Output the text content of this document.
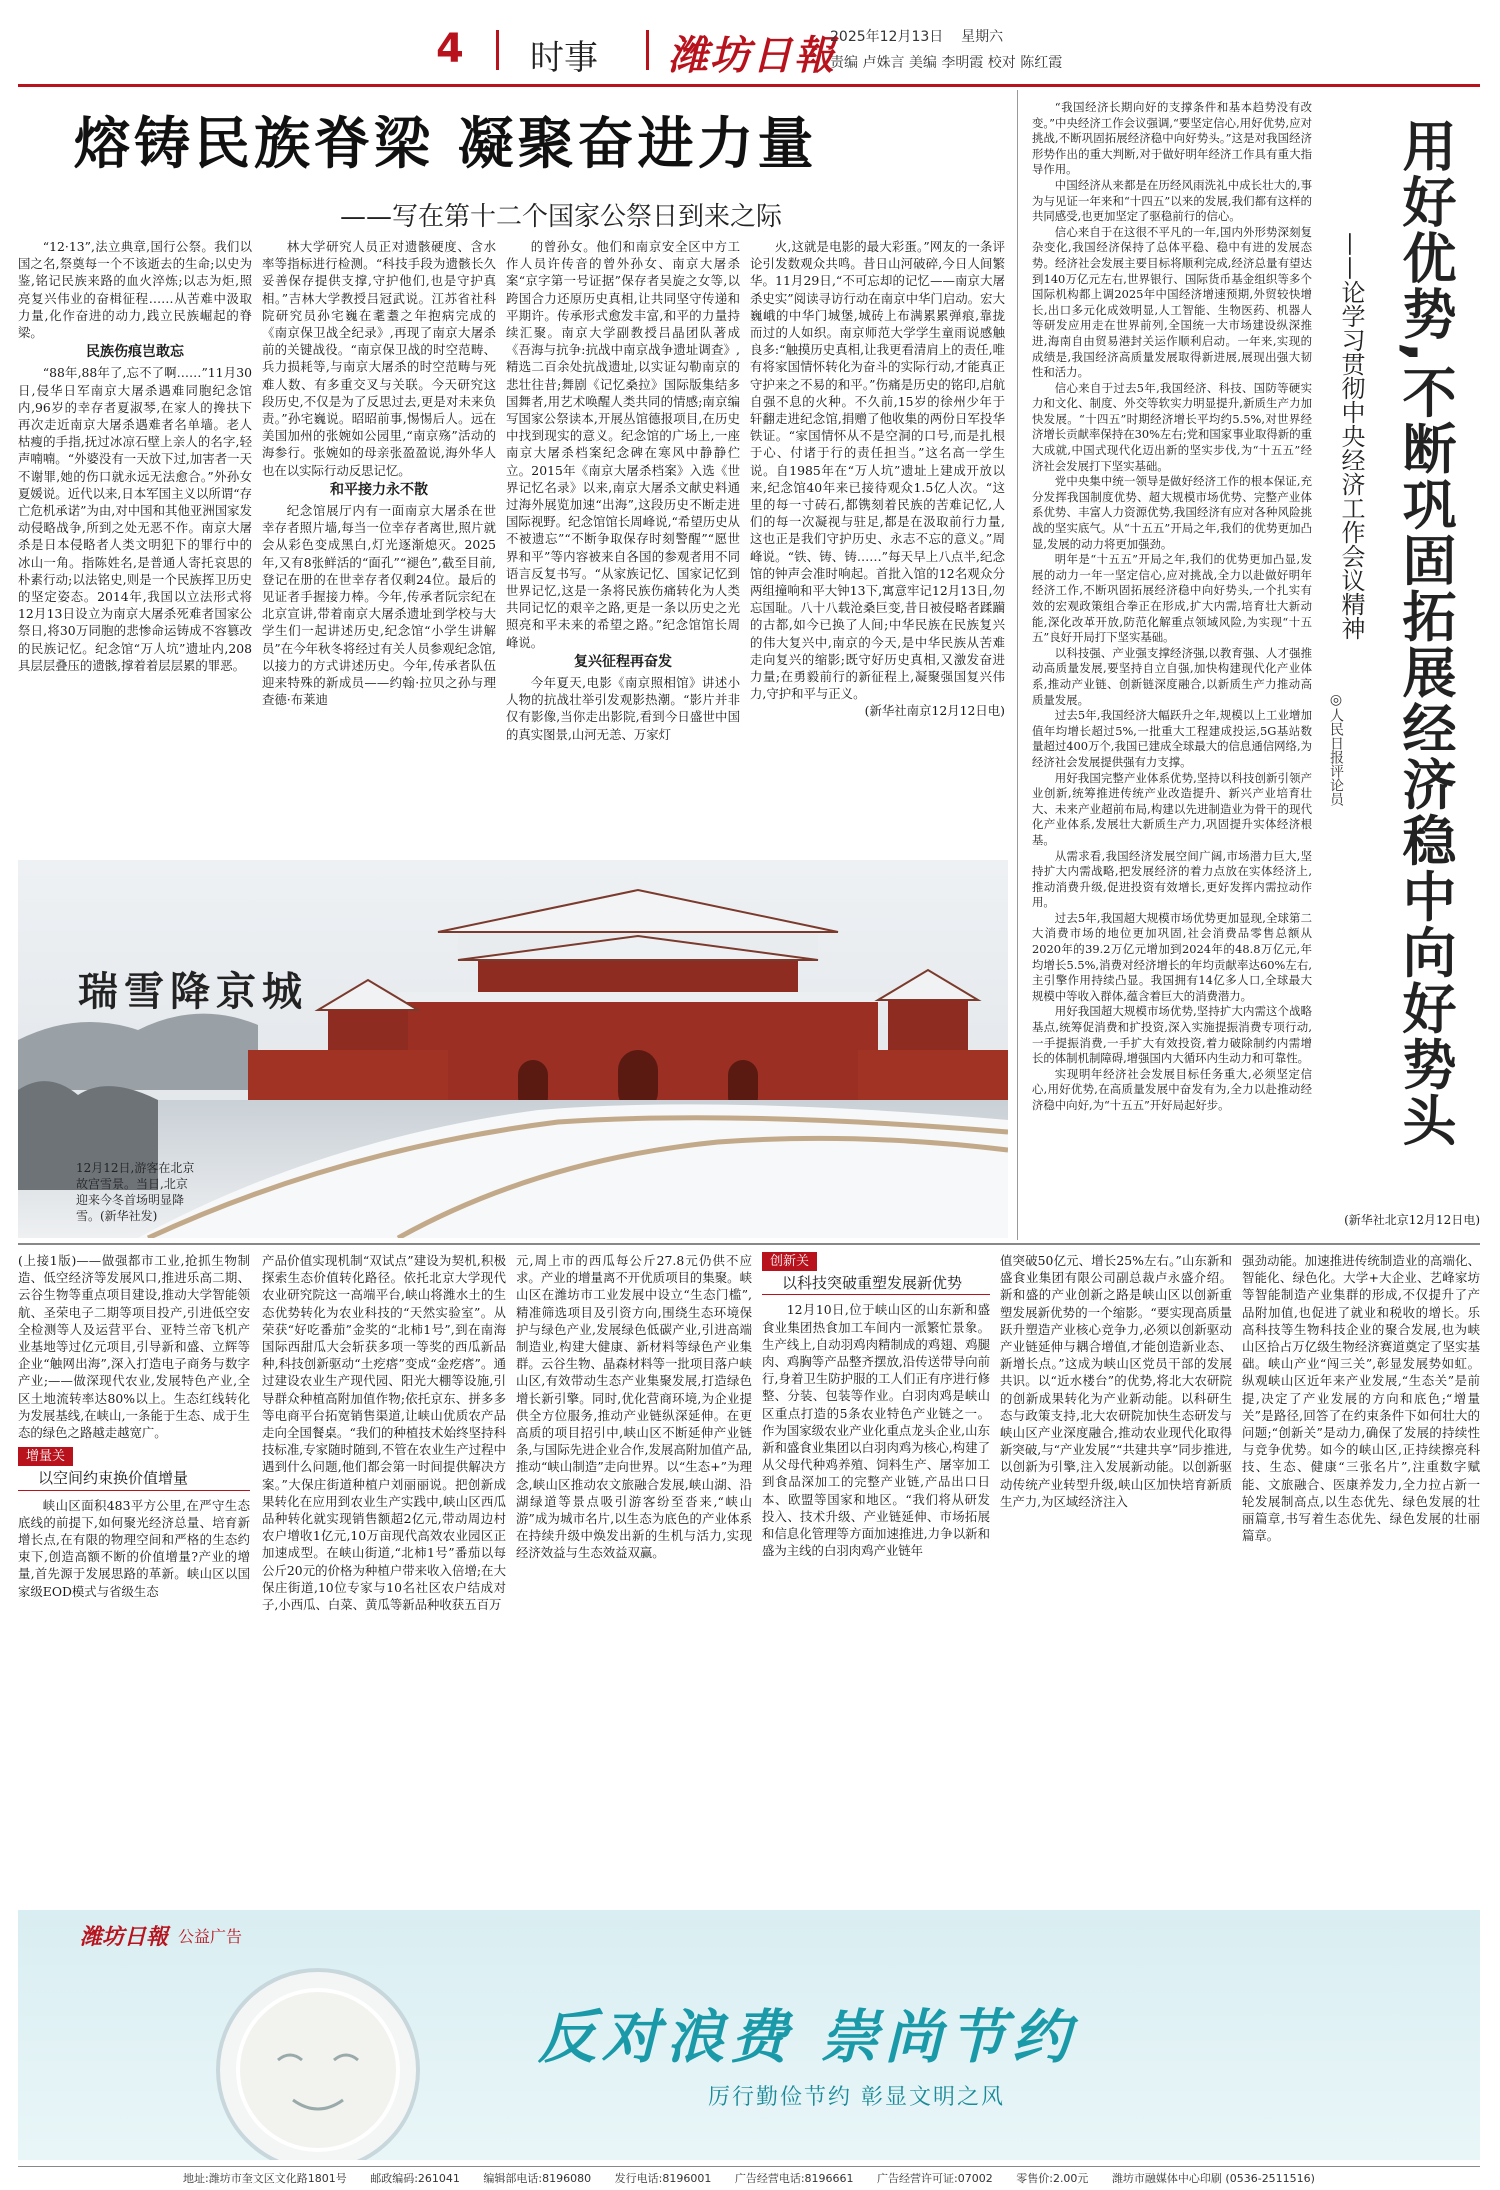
4 时事 潍坊日報
2025年12月13日 星期六
责编 卢姝言 美编 李明霞 校对 陈红霞
熔铸民族脊梁 凝聚奋进力量
——写在第十二个国家公祭日到来之际

“12·13”,法立典章,国行公祭。我们以国之名,祭奠每一个不该逝去的生命;以史为鉴,铭记民族来路的血火淬炼;以志为炬,照亮复兴伟业的奋楫征程……从苦难中汲取力量,化作奋进的动力,践立民族崛起的脊梁。

民族伤痕岂敢忘

“88年,88年了,忘不了啊……”11月30日,侵华日军南京大屠杀遇难同胞纪念馆内,96岁的幸存者夏淑琴,在家人的搀扶下再次走近南京大屠杀遇难者名单墙。老人枯瘦的手指,抚过冰凉石壁上亲人的名字,轻声喃喃。“外婆没有一天放下过,加害者一天不谢罪,她的伤口就永远无法愈合。”外孙女夏媛说。近代以来,日本军国主义以所谓“存亡危机承诺”为由,对中国和其他亚洲国家发动侵略战争,所到之处无恶不作。南京大屠杀是日本侵略者人类文明犯下的罪行中的冰山一角。指陈姓名,是普通人寄托哀思的朴素行动;以法铭史,则是一个民族挥卫历史的坚定姿态。2014年,我国以立法形式将12月13日设立为南京大屠杀死难者国家公祭日,将30万同胞的悲惨命运铸成不容篡改的民族记忆。纪念馆“万人坑”遗址内,208具层层叠压的遗骸,撑着着层层累的罪恶。

林大学研究人员正对遗骸硬度、含水率等指标进行检测。“科技手段为遗骸长久妥善保存提供支撑,守护他们,也是守护真相。”吉林大学教授吕冠武说。江苏省社科院研究员孙宅巍在耄耋之年抱病完成的《南京保卫战全纪录》,再现了南京大屠杀前的关键战役。“南京保卫战的时空范畴、兵力损耗等,与南京大屠杀的时空范畴与死难人数、有多重交叉与关联。今天研究这段历史,不仅是为了反思过去,更是对未来负责。”孙宅巍说。昭昭前事,惕惕后人。远在美国加州的张婉如公园里,“南京殇”活动的海参行。张婉如的母亲张盈盈说,海外华人也在以实际行动反思记忆。

和平接力永不散

纪念馆展厅内有一面南京大屠杀在世幸存者照片墙,每当一位幸存者离世,照片就会从彩色变成黑白,灯光逐渐熄灭。2025年,又有8张鲜活的“面孔”“褪色”,截至目前,登记在册的在世幸存者仅剩24位。最后的见证者手握接力棒。今年,传承者阮宗纪在北京宣讲,带着南京大屠杀遗址到学校与大学生们一起讲述历史,纪念馆“小学生讲解员”在今年秋冬将经过有关人员参观纪念馆,以接力的方式讲述历史。今年,传承者队伍迎来特殊的新成员——约翰·拉贝之孙与理查德·布莱迪

的曾孙女。他们和南京安全区中方工作人员许传音的曾外孙女、南京大屠杀案“京字第一号证据”保存者吴旋之女等,以跨国合力还原历史真相,让共同坚守传递和平期许。传承形式愈发丰富,和平的力量持续汇聚。南京大学副教授吕晶团队著成《吾海与抗争:抗战中南京战争遗址调查》,精选二百余处抗战遗址,以实证勾勒南京的悲壮往昔;舞剧《记忆桑拉》国际版集结多国舞者,用艺术唤醒人类共同的情感;南京编写国家公祭读本,开展丛馆德报项目,在历史中找到现实的意义。纪念馆的广场上,一座南京大屠杀档案纪念碑在寒风中静静伫立。2015年《南京大屠杀档案》入选《世界记忆名录》以来,南京大屠杀文献史料通过海外展览加速“出海”,这段历史不断走进国际视野。纪念馆馆长周峰说,“希望历史从不被遗忘”“不断争取保存时刻警醒”“愿世界和平”等内容被来自各国的参观者用不同语言反复书写。“从家族记忆、国家记忆到世界记忆,这是一条将民族伤痛转化为人类共同记忆的艰辛之路,更是一条以历史之光照亮和平未来的希望之路。”纪念馆馆长周峰说。

复兴征程再奋发

今年夏天,电影《南京照相馆》讲述小人物的抗战壮举引发观影热潮。“影片并非仅有影像,当你走出影院,看到今日盛世中国的真实图景,山河无恙、万家灯

火,这就是电影的最大彩蛋。”网友的一条评论引发数观众共鸣。昔日山河破碎,今日人间繁华。11月29日,“不可忘却的记忆——南京大屠杀史实”阅读寻访行动在南京中华门启动。宏大巍峨的中华门城堡,城砖上布满累累弹痕,靠拢而过的人如织。南京师范大学学生童雨说感触良多:“触摸历史真相,让我更看清肩上的责任,唯有将家国情怀转化为奋斗的实际行动,才能真正守护来之不易的和平。”伤痛是历史的铭印,启航自强不息的火种。不久前,15岁的徐州少年于轩翻走进纪念馆,捐赠了他收集的两份日军投华铁证。“家国情怀从不是空洞的口号,而是扎根于心、付诸于行的责任担当。”这名高一学生说。自1985年在“万人坑”遗址上建成开放以来,纪念馆40年来已接待观众1.5亿人次。“这里的每一寸砖石,都镌刻着民族的苦难记忆,人们的每一次凝视与驻足,都是在汲取前行力量,这也正是我们守护历史、永志不忘的意义。”周峰说。“铁、铸、铸……”每天早上八点半,纪念馆的钟声会准时响起。首批入馆的12名观众分两组撞响和平大钟13下,寓意牢记12月13日,勿忘国耻。八十八载沧桑巨变,昔日被侵略者蹂躏的古都,如今已换了人间;中华民族在民族复兴的伟大复兴中,南京的今天,是中华民族从苦难走向复兴的缩影;既守好历史真相,又激发奋进力量;在勇毅前行的新征程上,凝聚强国复兴伟力,守护和平与正义。

(新华社南京12月12日电)

瑞雪降京城
12月12日,游客在北京故宫雪景。当日,北京迎来今冬首场明显降雪。(新华社发)

“我国经济长期向好的支撑条件和基本趋势没有改变。”中央经济工作会议强调,“要坚定信心,用好优势,应对挑战,不断巩固拓展经济稳中向好势头。”这是对我国经济形势作出的重大判断,对于做好明年经济工作具有重大指导作用。

中国经济从来都是在历经风雨洗礼中成长壮大的,事为与见证一年来和“十四五”以来的发展,我们都有这样的共同感受,也更加坚定了驱稳前行的信心。

信心来自于在这很不平凡的一年,国内外形势深刻复杂变化,我国经济保持了总体平稳、稳中有进的发展态势。经济社会发展主要目标将顺利完成,经济总量有望达到140万亿元左右,世界银行、国际货币基金组织等多个国际机构都上调2025年中国经济增速预期,外贸较快增长,出口多元化成效明显,人工智能、生物医药、机器人等研发应用走在世界前列,全国统一大市场建设纵深推进,海南自由贸易港封关运作顺利启动。一年来,实现的成绩是,我国经济高质量发展取得新进展,展现出强大韧性和活力。

信心来自于过去5年,我国经济、科技、国防等硬实力和文化、制度、外交等软实力明显提升,新质生产力加快发展。“十四五”时期经济增长平均约5.5%,对世界经济增长贡献率保持在30%左右;党和国家事业取得新的重大成就,中国式现代化迈出新的坚实步伐,为“十五五”经济社会发展打下坚实基础。

党中央集中统一领导是做好经济工作的根本保证,充分发挥我国制度优势、超大规模市场优势、完整产业体系优势、丰富人力资源优势,我国经济有应对各种风险挑战的坚实底气。从“十五五”开局之年,我们的优势更加凸显,发展的动力将更加强劲。

明年是“十五五”开局之年,我们的优势更加凸显,发展的动力一年一坚定信心,应对挑战,全力以赴做好明年经济工作,不断巩固拓展经济稳中向好势头,一个扎实有效的宏观政策组合拳正在形成,扩大内需,培育壮大新动能,深化改革开放,防范化解重点领域风险,为实现“十五五”良好开局打下坚实基础。

以科技强、产业强支撑经济强,以教育强、人才强推动高质量发展,要坚持自立自强,加快构建现代化产业体系,推动产业链、创新链深度融合,以新质生产力推动高质量发展。

过去5年,我国经济大幅跃升之年,规模以上工业增加值年均增长超过5%,一批重大工程建成投运,5G基站数量超过400万个,我国已建成全球最大的信息通信网络,为经济社会发展提供强有力支撑。

用好我国完整产业体系优势,坚持以科技创新引领产业创新,统筹推进传统产业改造提升、新兴产业培育壮大、未来产业超前布局,构建以先进制造业为骨干的现代化产业体系,发展壮大新质生产力,巩固提升实体经济根基。

从需求看,我国经济发展空间广阔,市场潜力巨大,坚持扩大内需战略,把发展经济的着力点放在实体经济上,推动消费升级,促进投资有效增长,更好发挥内需拉动作用。

过去5年,我国超大规模市场优势更加显现,全球第二大消费市场的地位更加巩固,社会消费品零售总额从2020年的39.2万亿元增加到2024年的48.8万亿元,年均增长5.5%,消费对经济增长的年均贡献率达60%左右,主引擎作用持续凸显。我国拥有14亿多人口,全球最大规模中等收入群体,蕴含着巨大的消费潜力。

用好我国超大规模市场优势,坚持扩大内需这个战略基点,统筹促消费和扩投资,深入实施提振消费专项行动,一手提振消费,一手扩大有效投资,着力破除制约内需增长的体制机制障碍,增强国内大循环内生动力和可靠性。

实现明年经济社会发展目标任务重大,必须坚定信心,用好优势,在高质量发展中奋发有为,全力以赴推动经济稳中向好,为“十五五”开好局起好步。

(新华社北京12月12日电)
用好优势,不断巩固拓展经济稳中向好势头
——论学习贯彻中央经济工作会议精神
◎人民日报评论员

(上接1版)——做强都市工业,抢抓生物制造、低空经济等发展风口,推进乐高二期、云谷生物等重点项目建设,推动大学智能领航、圣荣电子二期等项目投产,引进低空安全检测等人及运营平台、亚特兰帝飞机产业基地等过亿元项目,引导新和盛、立辉等企业“触网出海”,深入打造电子商务与数字产业;——做深现代农业,发展特色产业,全区土地流转率达80%以上。生态红线转化为发展基线,在峡山,一条能于生态、成于生态的绿色之路越走越宽广。

增量关
以空间约束换价值增量

峡山区面积483平方公里,在严守生态底线的前提下,如何聚光经济总量、培育新增长点,在有限的物理空间和严格的生态约束下,创造高额不断的价值增量?产业的增量,首先源于发展思路的革新。峡山区以国家级EOD模式与省级生态

产品价值实现机制“双试点”建设为契机,积极探索生态价值转化路径。依托北京大学现代农业研究院这一高端平台,峡山将潍水土的生态优势转化为农业科技的“天然实验室”。从荣获“好吃番茄”金奖的“北柿1号”,到在南海国际西甜瓜大会斩获多项一等奖的西瓜新品种,科技创新驱动“土疙瘩”变成“金疙瘩”。通过建设农业生产现代园、阳光大棚等设施,引导群众种植高附加值作物;依托京东、拼多多等电商平台拓宽销售渠道,让峡山优质农产品走向全国餐桌。“我们的种植技术始终坚持科技标准,专家随时随到,不管在农业生产过程中遇到什么问题,他们都会第一时间提供解决方案。”大保庄街道种植户刘丽丽说。把创新成果转化在应用到农业生产实践中,峡山区西瓜品种转化就实现销售额超2亿元,带动周边村农户增收1亿元,10万亩现代高效农业园区正加速成型。在峡山街道,“北柿1号”番茄以每公斤20元的价格为种植户带来收入倍增;在大保庄街道,10位专家与10名社区农户结成对子,小西瓜、白菜、黄瓜等新品种收获五百万

元,周上市的西瓜每公斤27.8元仍供不应求。产业的增量离不开优质项目的集聚。峡山区在潍坊市工业发展中设立“生态门槛”,精准筛选项目及引资方向,围绕生态环境保护与绿色产业,发展绿色低碳产业,引进高端制造业,构建大健康、新材料等绿色产业集群。云谷生物、晶森材料等一批项目落户峡山区,有效带动生态产业集聚发展,打造绿色增长新引擎。同时,优化营商环境,为企业提供全方位服务,推动产业链纵深延伸。在更高质的项目招引中,峡山区不断延伸产业链条,与国际先进企业合作,发展高附加值产品,推动“峡山制造”走向世界。以“生态+”为理念,峡山区推动农文旅融合发展,峡山湖、沿湖绿道等景点吸引游客纷至沓来,“峡山游”成为城市名片,以生态为底色的产业体系在持续升级中焕发出新的生机与活力,实现经济效益与生态效益双赢。

创新关
以科技突破重塑发展新优势

12月10日,位于峡山区的山东新和盛食业集团热食加工车间内一派繁忙景象。生产线上,自动羽鸡肉精制成的鸡翅、鸡腿肉、鸡胸等产品整齐摆放,沿传送带导向前行,身着卫生防护服的工人们正有序进行修整、分装、包装等作业。白羽肉鸡是峡山区重点打造的5条农业特色产业链之一。作为国家级农业产业化重点龙头企业,山东新和盛食业集团以白羽肉鸡为核心,构建了从父母代种鸡养殖、饲料生产、屠宰加工到食品深加工的完整产业链,产品出口日本、欧盟等国家和地区。“我们将从研发投入、技术升级、产业链延伸、市场拓展和信息化管理等方面加速推进,力争以新和盛为主线的白羽肉鸡产业链年

值突破50亿元、增长25%左右。”山东新和盛食业集团有限公司副总裁卢永盛介绍。新和盛的产业创新之路是峡山区以创新重塑发展新优势的一个缩影。“要实现高质量跃升塑造产业核心竞争力,必须以创新驱动产业链延伸与耦合增值,才能创造新业态、新增长点。”这成为峡山区党员干部的发展共识。以“近水楼台”的优势,将北大农研院的创新成果转化为产业新动能。以科研生态与政策支持,北大农研院加快生态研发与峡山区产业深度融合,推动农业现代化取得新突破,与“产业发展”“共建共享”同步推进,以创新为引擎,注入发展新动能。以创新驱动传统产业转型升级,峡山区加快培育新质生产力,为区域经济注入

强劲动能。加速推进传统制造业的高端化、智能化、绿色化。大学+大企业、艺峰家坊等智能制造产业集群的形成,不仅提升了产品附加值,也促进了就业和税收的增长。乐高科技等生物科技企业的聚合发展,也为峡山区拾占万亿级生物经济赛道奠定了坚实基础。峡山产业“闯三关”,彰显发展势如虹。纵观峡山区近年来产业发展,“生态关”是前提,决定了产业发展的方向和底色;“增量关”是路径,回答了在约束条件下如何壮大的问题;“创新关”是动力,确保了发展的持续性与竞争优势。如今的峡山区,正持续擦亮科技、生态、健康“三张名片”,注重数字赋能、文旅融合、医康养发力,全力拉占新一轮发展制高点,以生态优先、绿色发展的壮丽篇章,书写着生态优先、绿色发展的壮丽篇章。

潍坊日報 公益广告
反对浪费 崇尚节约
厉行勤俭节约 彰显文明之风
地址:潍坊市奎文区文化路1801号 邮政编码:261041 编辑部电话:8196080 发行电话:8196001 广告经营电话:8196661 广告经营许可证:07002 零售价:2.00元 潍坊市融媒体中心印刷 (0536-2511516)
